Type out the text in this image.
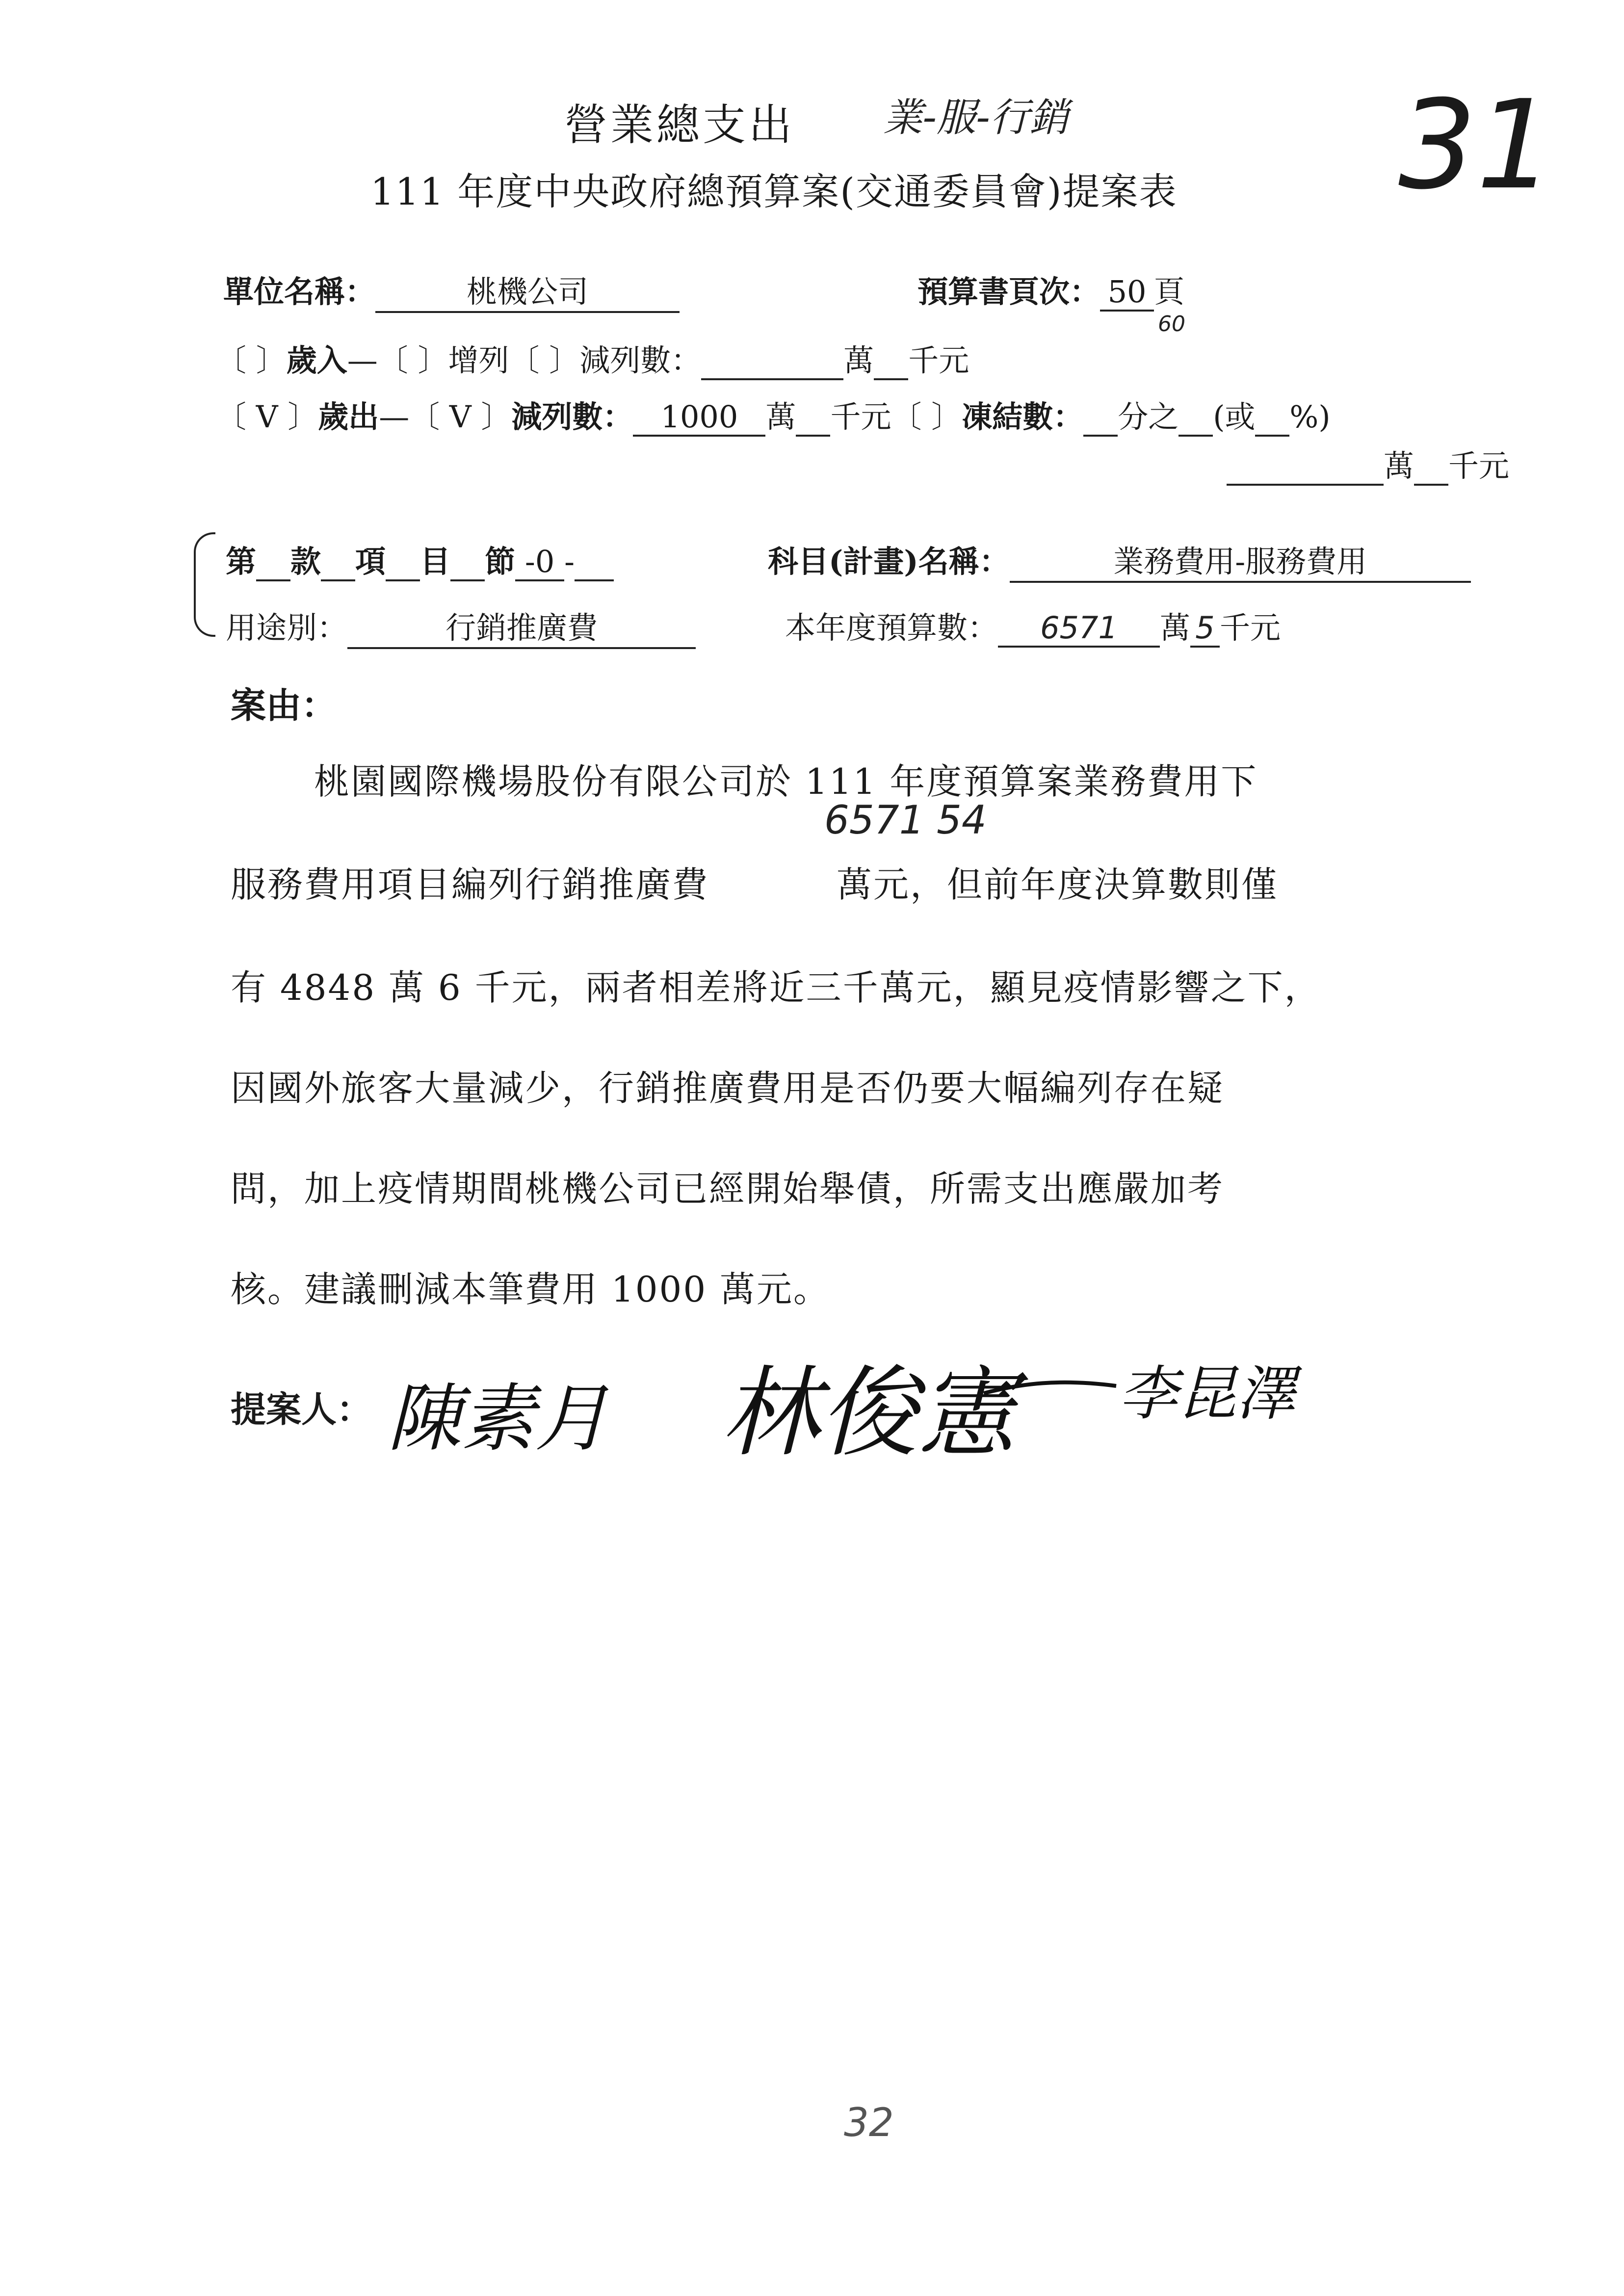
營業總支出 業-服-行銷
111 年度中央政府總預算案(交通委員會)提案表 31
單位名稱：	桃機公司	預算書頁次： 50 頁
60
〔 〕歲入—〔 〕增列〔 〕減列數：	萬 千元
〔 V 〕歲出—〔 V 〕減列數： 1000 萬 千元〔 〕凍結數： 分之 (或 %)
萬 千元
第 款 項 目 節 -0 -	科目(計畫)名稱：	業務費用-服務費用
用途別：	行銷推廣費	本年度預算數： 6571 萬 5 千元
案由：
桃園國際機場股份有限公司於 111 年度預算案業務費用下
6571 54
服務費用項目編列行銷推廣費	萬元，但前年度決算數則僅
有 4848 萬 6 千元，兩者相差將近三千萬元，顯見疫情影響之下，
因國外旅客大量減少，行銷推廣費用是否仍要大幅編列存在疑
問，加上疫情期間桃機公司已經開始舉債，所需支出應嚴加考
核。建議刪減本筆費用 1000 萬元。
提案人： 陳素月 林俊憲 李昆澤
32
